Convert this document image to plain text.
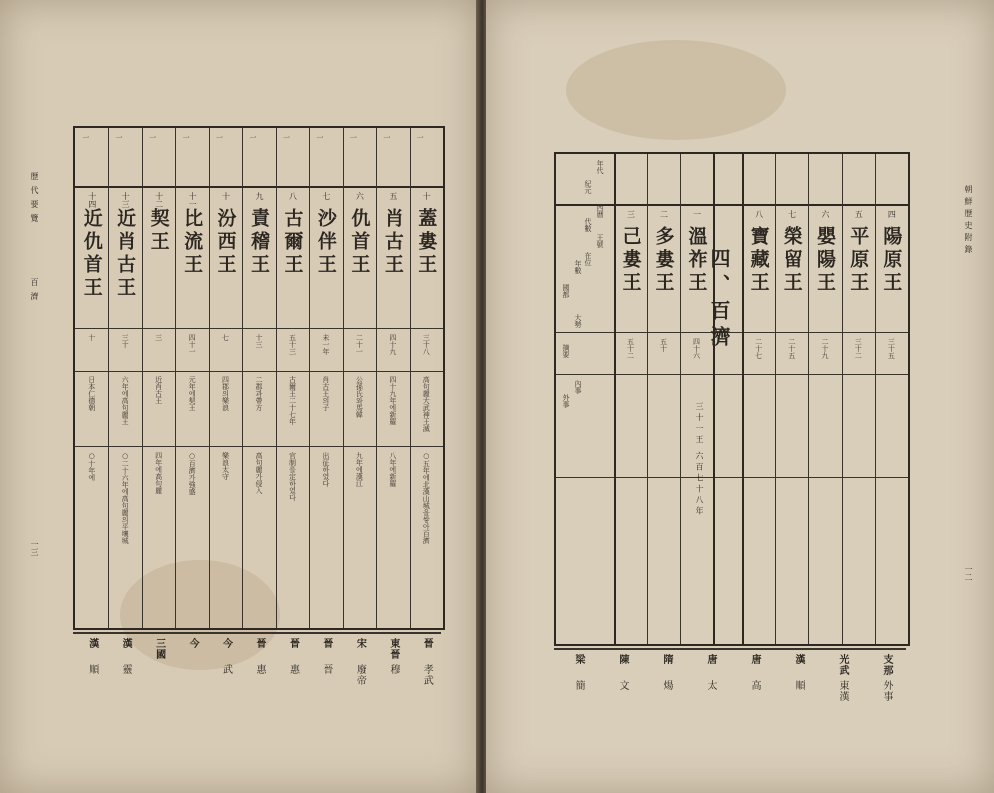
歷代要覽
百濟
一三
十
蓋婁王
三十八
高句麗大武神王滅
○五年에北漢山城을쌓아百濟
一
五
肖古王
四十九
四十九年에新羅
八年에新羅
一
六
仇首王
二十一
公孫氏와馬韓
九年에漢江
一
七
沙伴王
未一年
肖古王의子
出征하였다
一
八
古爾王
五十三
古爾王二十七年
官制를定하였다
一
九
責稽王
十三
二郡과帶方
高句麗가侵入
一
十
汾西王
七
四郡의樂浪
樂浪太守
一
十一
比流王
四十一
元年에契王
○百濟가強盛
一
十二
契王
三
近肖古王
四年에高句麗
一
十三
近肖古王
三十
六年에高句麗王
○二十六年에高句麗의平壤城
一
十四
近仇首王
十
日本仁德朝
○十年에
一
晉
孝武
東晉
穆
宋
廢帝
晉
晉
晉
惠
晉
惠
今
武
今
三國
漢
靈
漢
順
朝鮮歷史附錄
一二
一
溫祚王
四十六
二
多婁王
五十
三
己婁王
五十二
四
陽原王
三十五
五
平原王
三十二
六
嬰陽王
二十九
七
榮留王
二十五
八
寶藏王
二十七
四、百濟
三十一王 六百七十八年
年代
紀元
西曆
代數
王號
在位
年數
國都
大勢
摘要
內事
外事
支那
外事
光武
東漢
漢
順
唐
高
唐
太
隋
煬
陳
文
梁
簡
